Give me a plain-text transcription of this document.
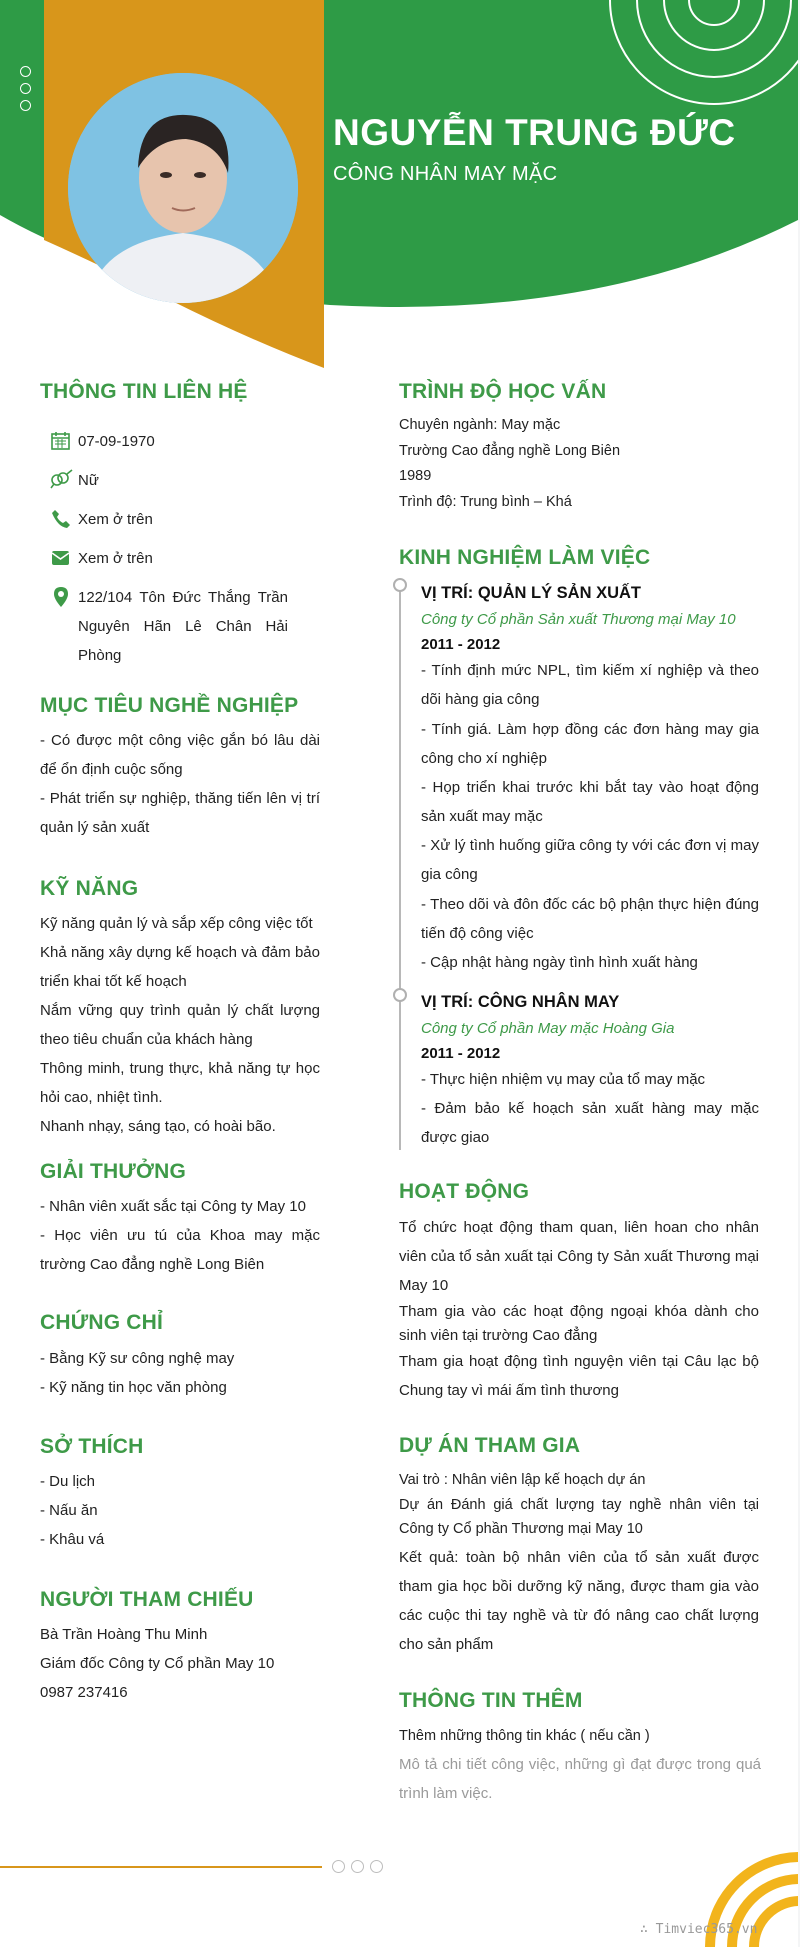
NGUYỄN TRUNG ĐỨC
CÔNG NHÂN MAY MẶC
THÔNG TIN LIÊN HỆ
07-09-1970
Nữ
Xem ở trên
Xem ở trên
122/104 Tôn Đức Thắng Trần Nguyên Hãn Lê Chân Hải Phòng
MỤC TIÊU NGHỀ NGHIỆP
- Có được một công việc gắn bó lâu dài để ổn định cuộc sống
- Phát triển sự nghiệp, thăng tiến lên vị trí quản lý sản xuất
KỸ NĂNG
Kỹ năng quản lý và sắp xếp công việc tốt
Khả năng xây dựng kế hoạch và đảm bảo triển khai tốt kế hoạch
Nắm vững quy trình quản lý chất lượng theo tiêu chuẩn của khách hàng
Thông minh, trung thực, khả năng tự học hỏi cao, nhiệt tình.
Nhanh nhạy, sáng tạo, có hoài bão.
GIẢI THƯỞNG
- Nhân viên xuất sắc tại Công ty May 10
- Học viên ưu tú của Khoa may mặc trường Cao đẳng nghề Long Biên
CHỨNG CHỈ
- Bằng Kỹ sư công nghệ may
- Kỹ năng tin học văn phòng
SỞ THÍCH
- Du lịch
- Nấu ăn
- Khâu vá
NGƯỜI THAM CHIẾU
Bà Trần Hoàng Thu Minh
Giám đốc Công ty Cổ phần May 10
0987 237416
TRÌNH ĐỘ HỌC VẤN
Chuyên ngành: May mặc
Trường Cao đẳng nghề Long Biên
1989
Trình độ: Trung bình – Khá
KINH NGHIỆM LÀM VIỆC
VỊ TRÍ: QUẢN LÝ SẢN XUẤT
Công ty Cổ phần Sản xuất Thương mại May 10
2011 - 2012
- Tính định mức NPL, tìm kiếm xí nghiệp và theo dõi hàng gia công
- Tính giá. Làm hợp đồng các đơn hàng may gia công cho xí nghiệp
- Họp triển khai trước khi bắt tay vào hoạt động sản xuất may mặc
- Xử lý tình huống giữa công ty với các đơn vị may gia công
- Theo dõi và đôn đốc các bộ phận thực hiện đúng tiến độ công việc
- Cập nhật hàng ngày tình hình xuất hàng
VỊ TRÍ: CÔNG NHÂN MAY
Công ty Cổ phần May mặc Hoàng Gia
2011 - 2012
- Thực hiện nhiệm vụ may của tổ may mặc
- Đảm bảo kế hoạch sản xuất hàng may mặc được giao
HOẠT ĐỘNG
Tổ chức hoạt động tham quan, liên hoan cho nhân viên của tổ sản xuất tại Công ty Sản xuất Thương mại May 10
Tham gia vào các hoạt động ngoại khóa dành cho sinh viên tại trường Cao đẳng
Tham gia hoạt động tình nguyện viên tại Câu lạc bộ Chung tay vì mái ấm tình thương
DỰ ÁN THAM GIA
Vai trò : Nhân viên lập kế hoạch dự án
Dự án Đánh giá chất lượng tay nghề nhân viên tại Công ty Cổ phần Thương mại May 10
Kết quả: toàn bộ nhân viên của tổ sản xuất được tham gia học bồi dưỡng kỹ năng, được tham gia vào các cuộc thi tay nghề và từ đó nâng cao chất lượng cho sản phẩm
THÔNG TIN THÊM
Thêm những thông tin khác ( nếu cần )
Mô tả chi tiết công việc, những gì đạt được trong quá trình làm việc.
∴ Timviec365.vn
